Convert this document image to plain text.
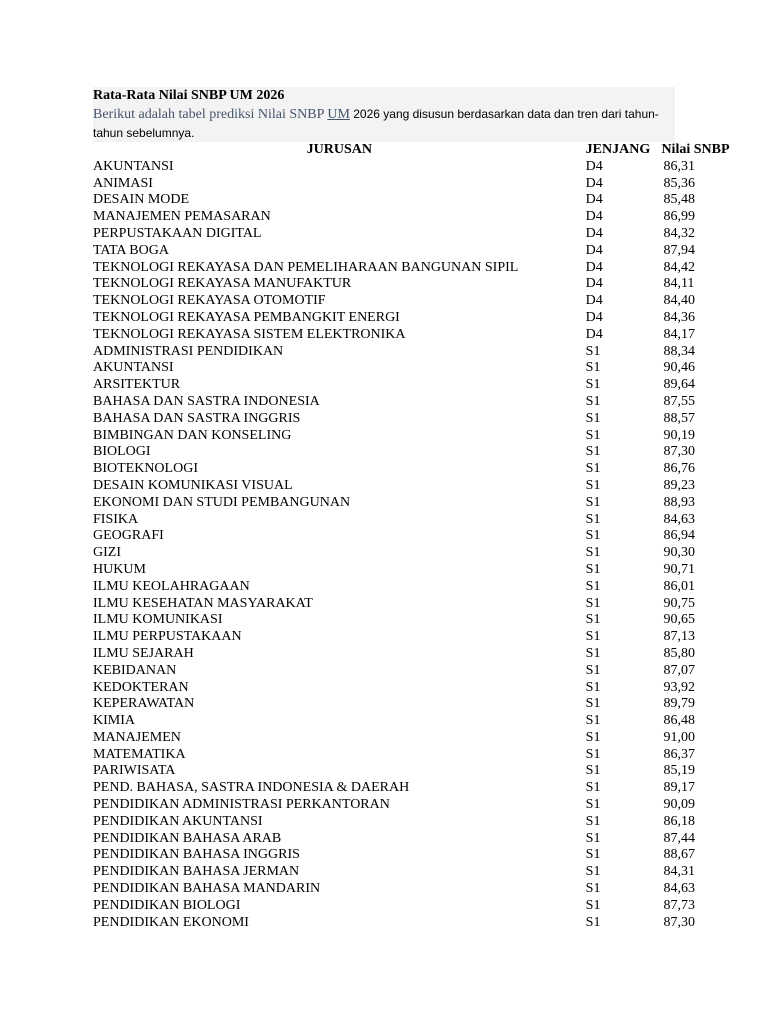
Rata-Rata Nilai SNBP UM 2026
Berikut adalah tabel prediksi Nilai SNBP UM 2026 yang disusun berdasarkan data dan tren dari tahun-tahun sebelumnya.
JURUSAN	JENJANG	Nilai SNBP
AKUNTANSI	D4	86,31
ANIMASI	D4	85,36
DESAIN MODE	D4	85,48
MANAJEMEN PEMASARAN	D4	86,99
PERPUSTAKAAN DIGITAL	D4	84,32
TATA BOGA	D4	87,94
TEKNOLOGI REKAYASA DAN PEMELIHARAAN BANGUNAN SIPIL	D4	84,42
TEKNOLOGI REKAYASA MANUFAKTUR	D4	84,11
TEKNOLOGI REKAYASA OTOMOTIF	D4	84,40
TEKNOLOGI REKAYASA PEMBANGKIT ENERGI	D4	84,36
TEKNOLOGI REKAYASA SISTEM ELEKTRONIKA	D4	84,17
ADMINISTRASI PENDIDIKAN	S1	88,34
AKUNTANSI	S1	90,46
ARSITEKTUR	S1	89,64
BAHASA DAN SASTRA INDONESIA	S1	87,55
BAHASA DAN SASTRA INGGRIS	S1	88,57
BIMBINGAN DAN KONSELING	S1	90,19
BIOLOGI	S1	87,30
BIOTEKNOLOGI	S1	86,76
DESAIN KOMUNIKASI VISUAL	S1	89,23
EKONOMI DAN STUDI PEMBANGUNAN	S1	88,93
FISIKA	S1	84,63
GEOGRAFI	S1	86,94
GIZI	S1	90,30
HUKUM	S1	90,71
ILMU KEOLAHRAGAAN	S1	86,01
ILMU KESEHATAN MASYARAKAT	S1	90,75
ILMU KOMUNIKASI	S1	90,65
ILMU PERPUSTAKAAN	S1	87,13
ILMU SEJARAH	S1	85,80
KEBIDANAN	S1	87,07
KEDOKTERAN	S1	93,92
KEPERAWATAN	S1	89,79
KIMIA	S1	86,48
MANAJEMEN	S1	91,00
MATEMATIKA	S1	86,37
PARIWISATA	S1	85,19
PEND. BAHASA, SASTRA INDONESIA & DAERAH	S1	89,17
PENDIDIKAN ADMINISTRASI PERKANTORAN	S1	90,09
PENDIDIKAN AKUNTANSI	S1	86,18
PENDIDIKAN BAHASA ARAB	S1	87,44
PENDIDIKAN BAHASA INGGRIS	S1	88,67
PENDIDIKAN BAHASA JERMAN	S1	84,31
PENDIDIKAN BAHASA MANDARIN	S1	84,63
PENDIDIKAN BIOLOGI	S1	87,73
PENDIDIKAN EKONOMI	S1	87,30
